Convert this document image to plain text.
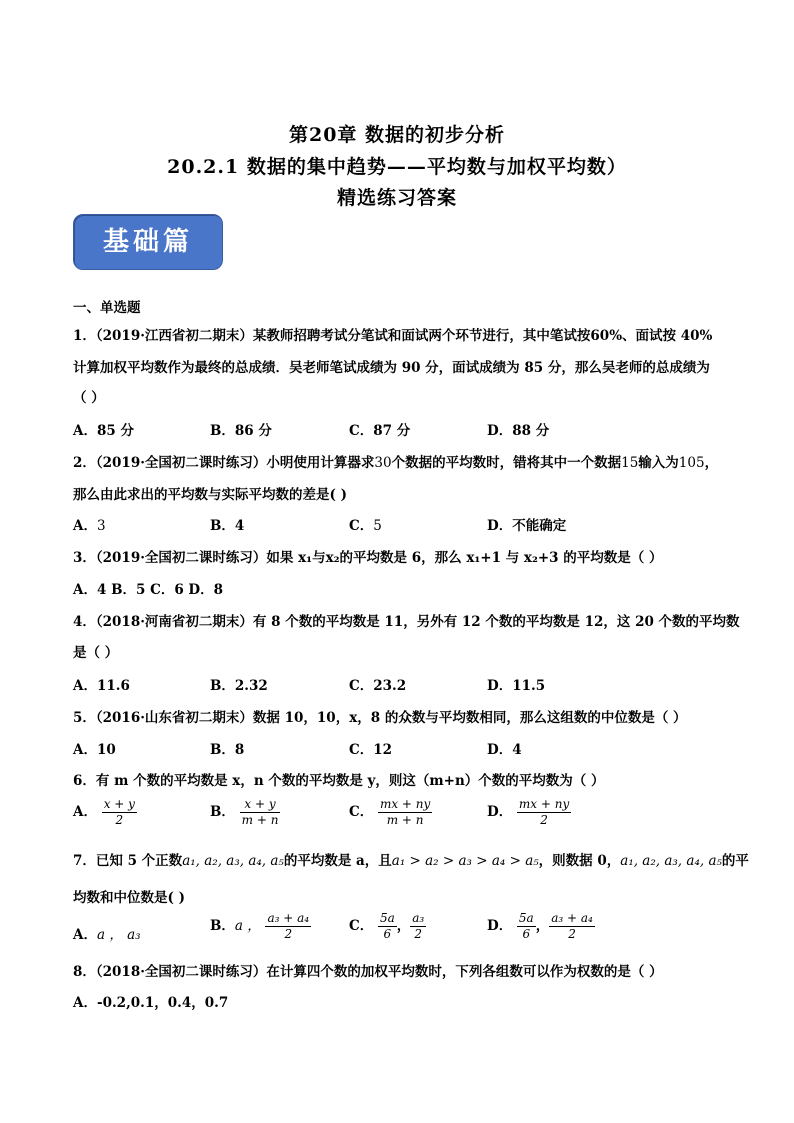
第20章 数据的初步分析
20.2.1 数据的集中趋势——平均数与加权平均数）
精选练习答案
基础篇
一、单选题
1．（2019·江西省初二期末）某教师招聘考试分笔试和面试两个环节进行，其中笔试按60%、面试按 40%
计算加权平均数作为最终的总成绩．吴老师笔试成绩为 90 分，面试成绩为 85 分，那么吴老师的总成绩为
（ ）
A．85 分	B．86 分	C．87 分	D．88 分
2．（2019·全国初二课时练习）小明使用计算器求30个数据的平均数时，错将其中一个数据15输入为105，
那么由此求出的平均数与实际平均数的差是( )
A．3	B．4	C．5	D．不能确定
3．（2019·全国初二课时练习）如果 x₁与x₂的平均数是 6，那么 x₁+1 与 x₂+3 的平均数是（ ）
A．4 B．5 C．6 D．8
4．（2018·河南省初二期末）有 8 个数的平均数是 11，另外有 12 个数的平均数是 12，这 20 个数的平均数
是（ ）
A．11.6	B．2.32	C．23.2	D．11.5
5．（2016·山东省初二期末）数据 10，10，x，8 的众数与平均数相同，那么这组数的中位数是（ ）
A．10	B．8	C．12	D．4
6．有 m 个数的平均数是 x，n 个数的平均数是 y，则这（m+n）个数的平均数为（ ）
A． $\frac{x + y}{2}$	B． $\frac{x + y}{m + n}$	C． $\frac{mx + ny}{m + n}$	D． $\frac{mx + ny}{2}$
7．已知 5 个正数a₁, a₂, a₃, a₄, a₅的平均数是 a，且a₁ > a₂ > a₃ > a₄ > a₅，则数据 0，a₁, a₂, a₃, a₄, a₅的平
均数和中位数是( )
A．a ， a₃
B．a ， $\frac{\text{a₃ + a₄}}{2}$	C． $\frac{5a}{6}$ ， $\frac{\text{a₃}}{2}$	D． $\frac{5a}{6}$ ， $\frac{\text{a₃ + a₄}}{2}$
8．（2018·全国初二课时练习）在计算四个数的加权平均数时，下列各组数可以作为权数的是（ ）
A．-0.2,0.1，0.4，0.7
